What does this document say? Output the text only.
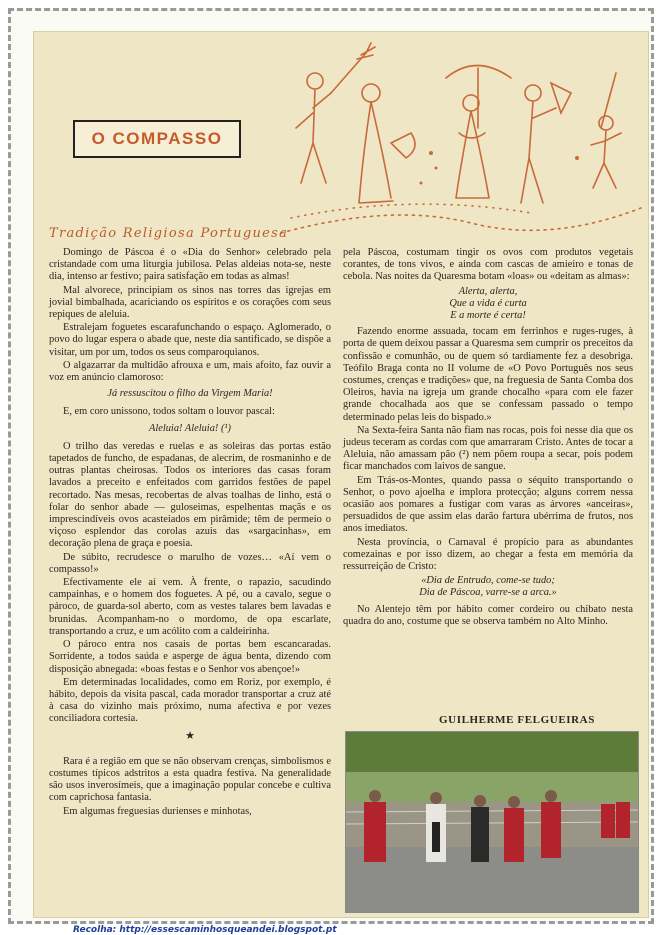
O COMPASSO
Tradição Religiosa Portuguesa

Domingo de Páscoa é o «Dia do Senhor» celebrado pela cristandade com uma liturgia jubilosa. Pelas aldeias nota-se, neste dia, intenso ar festivo; paira satisfação em todas as almas!

Mal alvorece, principiam os sinos nas torres das igrejas em jovial bimbalhada, acariciando os espíritos e os corações com seus repiques de aleluia.

Estralejam foguetes escarafunchando o espaço. Aglomerado, o povo do lugar espera o abade que, neste dia santificado, se dispõe a visitar, um por um, todos os seus comparoquianos.

O algazarrar da multidão afrouxa e um, mais afoito, faz ouvir a voz em anúncio clamoroso:

Já ressuscitou o filho da Virgem Maria!

E, em coro unissono, todos soltam o louvor pascal:

Aleluia! Aleluia! (¹)

O trilho das veredas e ruelas e as soleiras das portas estão tapetados de funcho, de espadanas, de alecrim, de rosmaninho e de outras plantas cheirosas. Todos os interiores das casas foram lavados a preceito e enfeitados com garridos festões de papel recortado. Nas mesas, recobertas de alvas toalhas de linho, está o folar do senhor abade — guloseimas, espelhentas maçãs e os imprescindíveis ovos acasteiados em pirâmide; têm de permeio o viçoso esplendor das corolas azuis das «sargacinhas», em decoração plena de graça e poesia.

De súbito, recrudesce o marulho de vozes… «Aí vem o compasso!»

Efectivamente ele aí vem. À frente, o rapazio, sacudindo campainhas, e o homem dos foguetes. A pé, ou a cavalo, segue o pároco, de guarda-sol aberto, com as vestes talares bem lavadas e brunidas. Acompanham-no o mordomo, de opa escarlate, transportando a cruz, e um acólito com a caldeirinha.

O pároco entra nos casais de portas bem escancaradas. Sorridente, a todos saúda e asperge de água benta, dizendo com disposição abnegada: «boas festas e o Senhor vos abençoe!»

Em determinadas localidades, como em Roriz, por exemplo, é hábito, depois da visita pascal, cada morador transportar a cruz até à casa do vizinho mais próximo, numa afectiva e por vezes conciliadora cortesia.

★

Rara é a região em que se não observam crenças, simbolismos e costumes típicos adstritos a esta quadra festiva. Na generalidade são usos inverosímeis, que a imaginação popular concebe e cultiva com caprichosa fantasia.

Em algumas freguesias durienses e minhotas,

pela Páscoa, costumam tingir os ovos com produtos vegetais corantes, de tons vivos, e ainda com cascas de amieiro e tonas de cebola. Nas noites da Quaresma botam «loas» ou «deitam as almas»:

Alerta, alerta,
Que a vida é curta
E a morte é certa!

Fazendo enorme assuada, tocam em ferrinhos e ruges-ruges, à porta de quem deixou passar a Quaresma sem cumprir os preceitos da confissão e comunhão, ou de quem só tardiamente fez a desobriga. Teófilo Braga conta no II volume de «O Povo Português nos seus costumes, crenças e tradições» que, na freguesia de Santa Comba dos Oleiros, havia na igreja um grande chocalho «para com ele fazer grande chocalhada aos que se confessam passado o tempo determinado pelas leis do bispado.»

Na Sexta-feira Santa não fiam nas rocas, pois foi nesse dia que os judeus teceram as cordas com que amarraram Cristo. Antes de tocar a Aleluia, não amassam pão (²) nem põem roupa a secar, pois podem ficar manchados com laivos de sangue.

Em Trás-os-Montes, quando passa o séquito transportando o Senhor, o povo ajoelha e implora protecção; alguns correm nessa ocasião aos pomares a fustigar com varas as árvores «anceiras», persuadidos de que assim elas darão fartura ubérrima de frutos, nos anos imediatos.

Nesta província, o Carnaval é propício para as abundantes comezainas e por isso dizem, ao chegar a festa em memória da ressurreição de Cristo:

«Dia de Entrudo, come-se tudo;
Dia de Páscoa, varre-se a arca.»

No Alentejo têm por hábito comer cordeiro ou chibato nesta quadra do ano, costume que se observa também no Alto Minho.

GUILHERME FELGUEIRAS
Recolha: http://essescaminhosqueandei.blogspot.pt
